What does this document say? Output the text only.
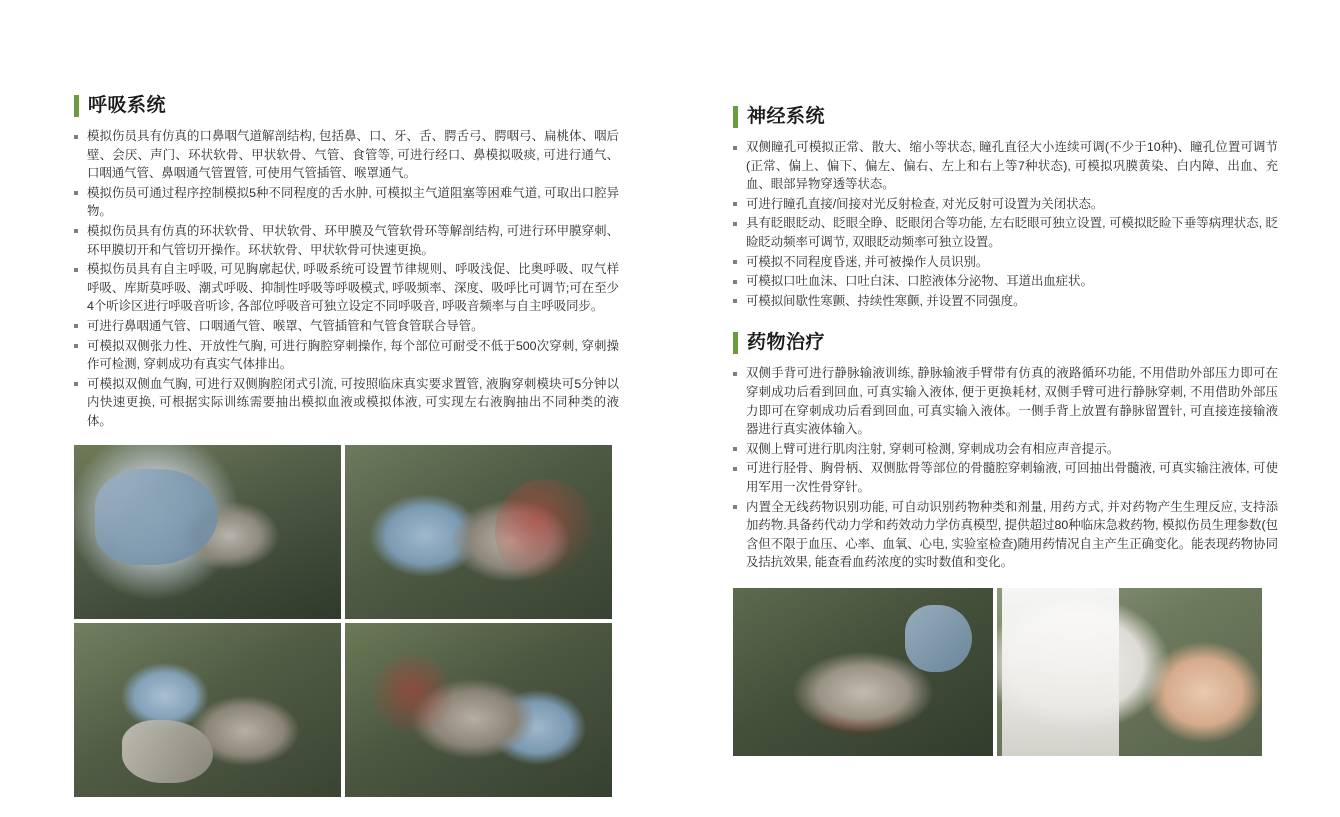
呼吸系统
模拟伤员具有仿真的口鼻咽气道解剖结构, 包括鼻、口、牙、舌、腭舌弓、腭咽弓、扁桃体、咽后壁、会厌、声门、环状软骨、甲状软骨、气管、食管等, 可进行经口、鼻模拟吸痰, 可进行通气、口咽通气管、鼻咽通气管置管, 可使用气管插管、喉罩通气。
模拟伤员可通过程序控制模拟5种不同程度的舌水肿, 可模拟主气道阻塞等困难气道, 可取出口腔异物。
模拟伤员具有仿真的环状软骨、甲状软骨、环甲膜及气管软骨环等解剖结构, 可进行环甲膜穿刺、环甲膜切开和气管切开操作。环状软骨、甲状软骨可快速更换。
模拟伤员具有自主呼吸, 可见胸廓起伏, 呼吸系统可设置节律规则、呼吸浅促、比奥呼吸、叹气样呼吸、库斯莫呼吸、潮式呼吸、抑制性呼吸等呼吸模式, 呼吸频率、深度、吸呼比可调节;可在至少4个听诊区进行呼吸音听诊, 各部位呼吸音可独立设定不同呼吸音, 呼吸音频率与自主呼吸同步。
可进行鼻咽通气管、口咽通气管、喉罩、气管插管和气管食管联合导管。
可模拟双侧张力性、开放性气胸, 可进行胸腔穿刺操作, 每个部位可耐受不低于500次穿刺, 穿刺操作可检测, 穿刺成功有真实气体排出。
可模拟双侧血气胸, 可进行双侧胸腔闭式引流, 可按照临床真实要求置管, 液胸穿刺模块可5分钟以内快速更换, 可根据实际训练需要抽出模拟血液或模拟体液, 可实现左右液胸抽出不同种类的液体。
神经系统
双侧瞳孔可模拟正常、散大、缩小等状态, 瞳孔直径大小连续可调(不少于10种)、瞳孔位置可调节(正常、偏上、偏下、偏左、偏右、左上和右上等7种状态), 可模拟巩膜黄染、白内障、出血、充血、眼部异物穿透等状态。
可进行瞳孔直接/间接对光反射检查, 对光反射可设置为关闭状态。
具有眨眼眨动、眨眼全睁、眨眼闭合等功能, 左右眨眼可独立设置, 可模拟眨睑下垂等病理状态, 眨睑眨动频率可调节, 双眼眨动频率可独立设置。
可模拟不同程度昏迷, 并可被操作人员识别。
可模拟口吐血沫、口吐白沫、口腔液体分泌物、耳道出血症状。
可模拟间歇性寒颤、持续性寒颤, 并设置不同强度。
药物治疗
双侧手背可进行静脉输液训练, 静脉输液手臂带有仿真的液路循环功能, 不用借助外部压力即可在穿刺成功后看到回血, 可真实输入液体, 便于更换耗材, 双侧手臂可进行静脉穿刺, 不用借助外部压力即可在穿刺成功后看到回血, 可真实输入液体。一侧手背上放置有静脉留置针, 可直接连接输液器进行真实液体输入。
双侧上臂可进行肌肉注射, 穿刺可检测, 穿刺成功会有相应声音提示。
可进行胫骨、胸骨柄、双侧肱骨等部位的骨髓腔穿刺输液, 可回抽出骨髓液, 可真实输注液体, 可使用军用一次性骨穿针。
内置全无线药物识别功能, 可自动识别药物种类和剂量, 用药方式, 并对药物产生生理反应, 支持添加药物.具备药代动力学和药效动力学仿真模型, 提供超过80种临床急救药物, 模拟伤员生理参数(包含但不限于血压、心率、血氧、心电, 实验室检查)随用药情况自主产生正确变化。能表现药物协同及拮抗效果, 能查看血药浓度的实时数值和变化。
